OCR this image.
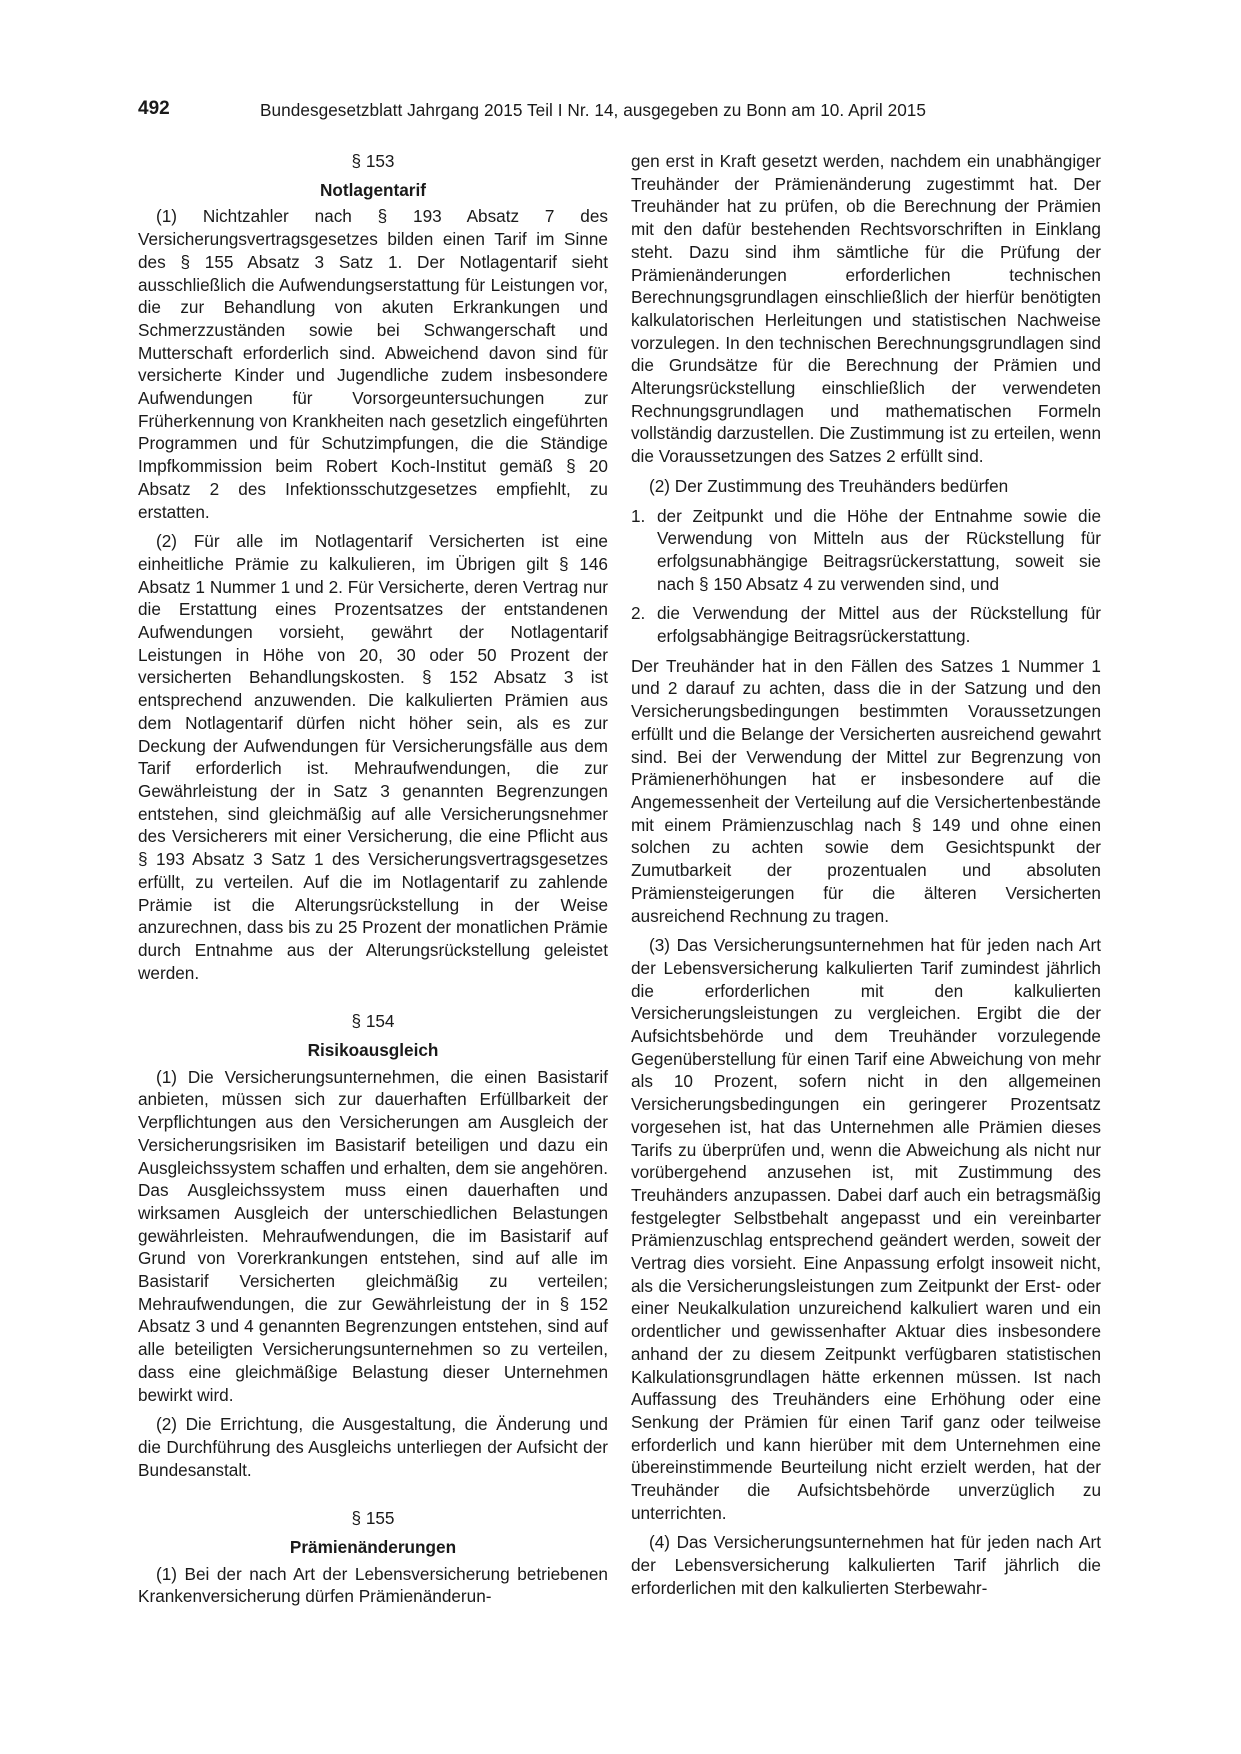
492	Bundesgesetzblatt Jahrgang 2015 Teil I Nr. 14, ausgegeben zu Bonn am 10. April 2015
§ 153
Notlagentarif

(1) Nichtzahler nach § 193 Absatz 7 des Versicherungsvertragsgesetzes bilden einen Tarif im Sinne des § 155 Absatz 3 Satz 1. Der Notlagentarif sieht ausschließlich die Aufwendungserstattung für Leistungen vor, die zur Behandlung von akuten Erkrankungen und Schmerzzuständen sowie bei Schwangerschaft und Mutterschaft erforderlich sind. Abweichend davon sind für versicherte Kinder und Jugendliche zudem insbesondere Aufwendungen für Vorsorgeuntersuchungen zur Früherkennung von Krankheiten nach gesetzlich eingeführten Programmen und für Schutzimpfungen, die die Ständige Impfkommission beim Robert Koch-Institut gemäß § 20 Absatz 2 des Infektionsschutzgesetzes empfiehlt, zu erstatten.

(2) Für alle im Notlagentarif Versicherten ist eine einheitliche Prämie zu kalkulieren, im Übrigen gilt § 146 Absatz 1 Nummer 1 und 2. Für Versicherte, deren Vertrag nur die Erstattung eines Prozentsatzes der entstandenen Aufwendungen vorsieht, gewährt der Notlagentarif Leistungen in Höhe von 20, 30 oder 50 Prozent der versicherten Behandlungskosten. § 152 Absatz 3 ist entsprechend anzuwenden. Die kalkulierten Prämien aus dem Notlagentarif dürfen nicht höher sein, als es zur Deckung der Aufwendungen für Versicherungsfälle aus dem Tarif erforderlich ist. Mehraufwendungen, die zur Gewährleistung der in Satz 3 genannten Begrenzungen entstehen, sind gleichmäßig auf alle Versicherungsnehmer des Versicherers mit einer Versicherung, die eine Pflicht aus § 193 Absatz 3 Satz 1 des Versicherungsvertragsgesetzes erfüllt, zu verteilen. Auf die im Notlagentarif zu zahlende Prämie ist die Alterungsrückstellung in der Weise anzurechnen, dass bis zu 25 Prozent der monatlichen Prämie durch Entnahme aus der Alterungsrückstellung geleistet werden.

§ 154
Risikoausgleich

(1) Die Versicherungsunternehmen, die einen Basistarif anbieten, müssen sich zur dauerhaften Erfüllbarkeit der Verpflichtungen aus den Versicherungen am Ausgleich der Versicherungsrisiken im Basistarif beteiligen und dazu ein Ausgleichssystem schaffen und erhalten, dem sie angehören. Das Ausgleichssystem muss einen dauerhaften und wirksamen Ausgleich der unterschiedlichen Belastungen gewährleisten. Mehraufwendungen, die im Basistarif auf Grund von Vorerkrankungen entstehen, sind auf alle im Basistarif Versicherten gleichmäßig zu verteilen; Mehraufwendungen, die zur Gewährleistung der in § 152 Absatz 3 und 4 genannten Begrenzungen entstehen, sind auf alle beteiligten Versicherungsunternehmen so zu verteilen, dass eine gleichmäßige Belastung dieser Unternehmen bewirkt wird.

(2) Die Errichtung, die Ausgestaltung, die Änderung und die Durchführung des Ausgleichs unterliegen der Aufsicht der Bundesanstalt.

§ 155
Prämienänderungen

(1) Bei der nach Art der Lebensversicherung betriebenen Krankenversicherung dürfen Prämienänderun-

gen erst in Kraft gesetzt werden, nachdem ein unabhängiger Treuhänder der Prämienänderung zugestimmt hat. Der Treuhänder hat zu prüfen, ob die Berechnung der Prämien mit den dafür bestehenden Rechtsvorschriften in Einklang steht. Dazu sind ihm sämtliche für die Prüfung der Prämienänderungen erforderlichen technischen Berechnungsgrundlagen einschließlich der hierfür benötigten kalkulatorischen Herleitungen und statistischen Nachweise vorzulegen. In den technischen Berechnungsgrundlagen sind die Grundsätze für die Berechnung der Prämien und Alterungsrückstellung einschließlich der verwendeten Rechnungsgrundlagen und mathematischen Formeln vollständig darzustellen. Die Zustimmung ist zu erteilen, wenn die Voraussetzungen des Satzes 2 erfüllt sind.

(2) Der Zustimmung des Treuhänders bedürfen

1. der Zeitpunkt und die Höhe der Entnahme sowie die Verwendung von Mitteln aus der Rückstellung für erfolgsunabhängige Beitragsrückerstattung, soweit sie nach § 150 Absatz 4 zu verwenden sind, und
2. die Verwendung der Mittel aus der Rückstellung für erfolgsabhängige Beitragsrückerstattung.

Der Treuhänder hat in den Fällen des Satzes 1 Nummer 1 und 2 darauf zu achten, dass die in der Satzung und den Versicherungsbedingungen bestimmten Voraussetzungen erfüllt und die Belange der Versicherten ausreichend gewahrt sind. Bei der Verwendung der Mittel zur Begrenzung von Prämienerhöhungen hat er insbesondere auf die Angemessenheit der Verteilung auf die Versichertenbestände mit einem Prämienzuschlag nach § 149 und ohne einen solchen zu achten sowie dem Gesichtspunkt der Zumutbarkeit der prozentualen und absoluten Prämiensteigerungen für die älteren Versicherten ausreichend Rechnung zu tragen.

(3) Das Versicherungsunternehmen hat für jeden nach Art der Lebensversicherung kalkulierten Tarif zumindest jährlich die erforderlichen mit den kalkulierten Versicherungsleistungen zu vergleichen. Ergibt die der Aufsichtsbehörde und dem Treuhänder vorzulegende Gegenüberstellung für einen Tarif eine Abweichung von mehr als 10 Prozent, sofern nicht in den allgemeinen Versicherungsbedingungen ein geringerer Prozentsatz vorgesehen ist, hat das Unternehmen alle Prämien dieses Tarifs zu überprüfen und, wenn die Abweichung als nicht nur vorübergehend anzusehen ist, mit Zustimmung des Treuhänders anzupassen. Dabei darf auch ein betragsmäßig festgelegter Selbstbehalt angepasst und ein vereinbarter Prämienzuschlag entsprechend geändert werden, soweit der Vertrag dies vorsieht. Eine Anpassung erfolgt insoweit nicht, als die Versicherungsleistungen zum Zeitpunkt der Erst- oder einer Neukalkulation unzureichend kalkuliert waren und ein ordentlicher und gewissenhafter Aktuar dies insbesondere anhand der zu diesem Zeitpunkt verfügbaren statistischen Kalkulationsgrundlagen hätte erkennen müssen. Ist nach Auffassung des Treuhänders eine Erhöhung oder eine Senkung der Prämien für einen Tarif ganz oder teilweise erforderlich und kann hierüber mit dem Unternehmen eine übereinstimmende Beurteilung nicht erzielt werden, hat der Treuhänder die Aufsichtsbehörde unverzüglich zu unterrichten.

(4) Das Versicherungsunternehmen hat für jeden nach Art der Lebensversicherung kalkulierten Tarif jährlich die erforderlichen mit den kalkulierten Sterbewahr-
